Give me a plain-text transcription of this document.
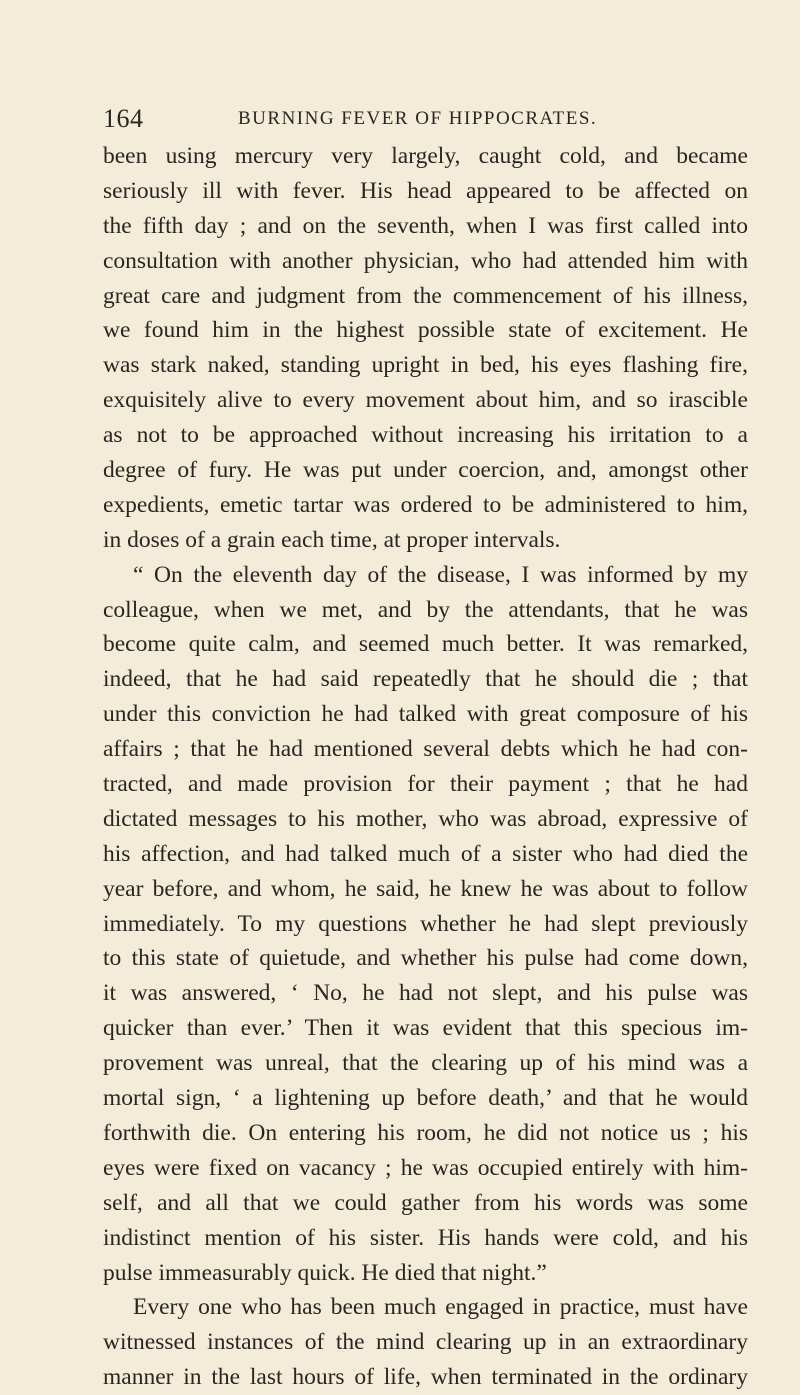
164	BURNING FEVER OF HIPPOCRATES.
been using mercury very largely, caught cold, and became
seriously ill with fever. His head appeared to be affected on
the fifth day ; and on the seventh, when I was first called into
consultation with another physician, who had attended him with
great care and judgment from the commencement of his illness,
we found him in the highest possible state of excitement. He
was stark naked, standing upright in bed, his eyes flashing fire,
exquisitely alive to every movement about him, and so irascible
as not to be approached without increasing his irritation to a
degree of fury. He was put under coercion, and, amongst other
expedients, emetic tartar was ordered to be administered to him,
in doses of a grain each time, at proper intervals.
“ On the eleventh day of the disease, I was informed by my
colleague, when we met, and by the attendants, that he was
become quite calm, and seemed much better. It was remarked,
indeed, that he had said repeatedly that he should die ; that
under this conviction he had talked with great composure of his
affairs ; that he had mentioned several debts which he had con-
tracted, and made provision for their payment ; that he had
dictated messages to his mother, who was abroad, expressive of
his affection, and had talked much of a sister who had died the
year before, and whom, he said, he knew he was about to follow
immediately. To my questions whether he had slept previously
to this state of quietude, and whether his pulse had come down,
it was answered, ‘ No, he had not slept, and his pulse was
quicker than ever.’ Then it was evident that this specious im-
provement was unreal, that the clearing up of his mind was a
mortal sign, ‘ a lightening up before death,’ and that he would
forthwith die. On entering his room, he did not notice us ; his
eyes were fixed on vacancy ; he was occupied entirely with him-
self, and all that we could gather from his words was some
indistinct mention of his sister. His hands were cold, and his
pulse immeasurably quick. He died that night.”
Every one who has been much engaged in practice, must have
witnessed instances of the mind clearing up in an extraordinary
manner in the last hours of life, when terminated in the ordinary
